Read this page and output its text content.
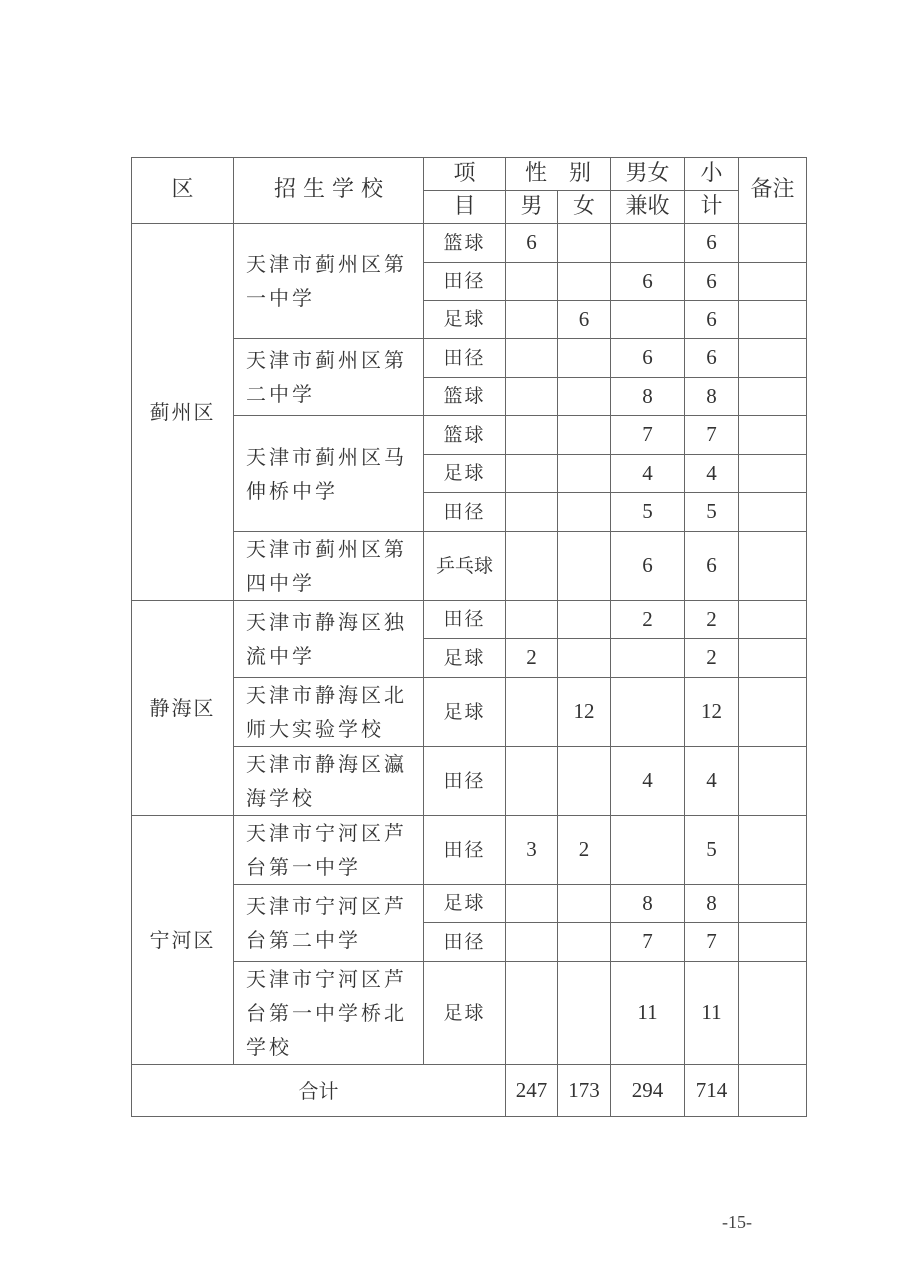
区	招 生 学 校	项	性　别		男女	小	备注
		目	男	女	兼收	计	
蓟州区	天津市蓟州区第一中学	篮球	6			6	
		田径			6	6	
		足球		6		6	
	天津市蓟州区第二中学	田径			6	6	
		篮球			8	8	
	天津市蓟州区马伸桥中学	篮球			7	7	
		足球			4	4	
		田径			5	5	
	天津市蓟州区第四中学	乒乓球			6	6	
静海区	天津市静海区独流中学	田径			2	2	
		足球	2			2	
	天津市静海区北师大实验学校	足球		12		12	
	天津市静海区瀛海学校	田径			4	4	
宁河区	天津市宁河区芦台第一中学	田径	3	2		5	
	天津市宁河区芦台第二中学	足球			8	8	
		田径			7	7	
	天津市宁河区芦台第一中学桥北学校	足球			11	11	
合计			247	173	294	714	
-15-
